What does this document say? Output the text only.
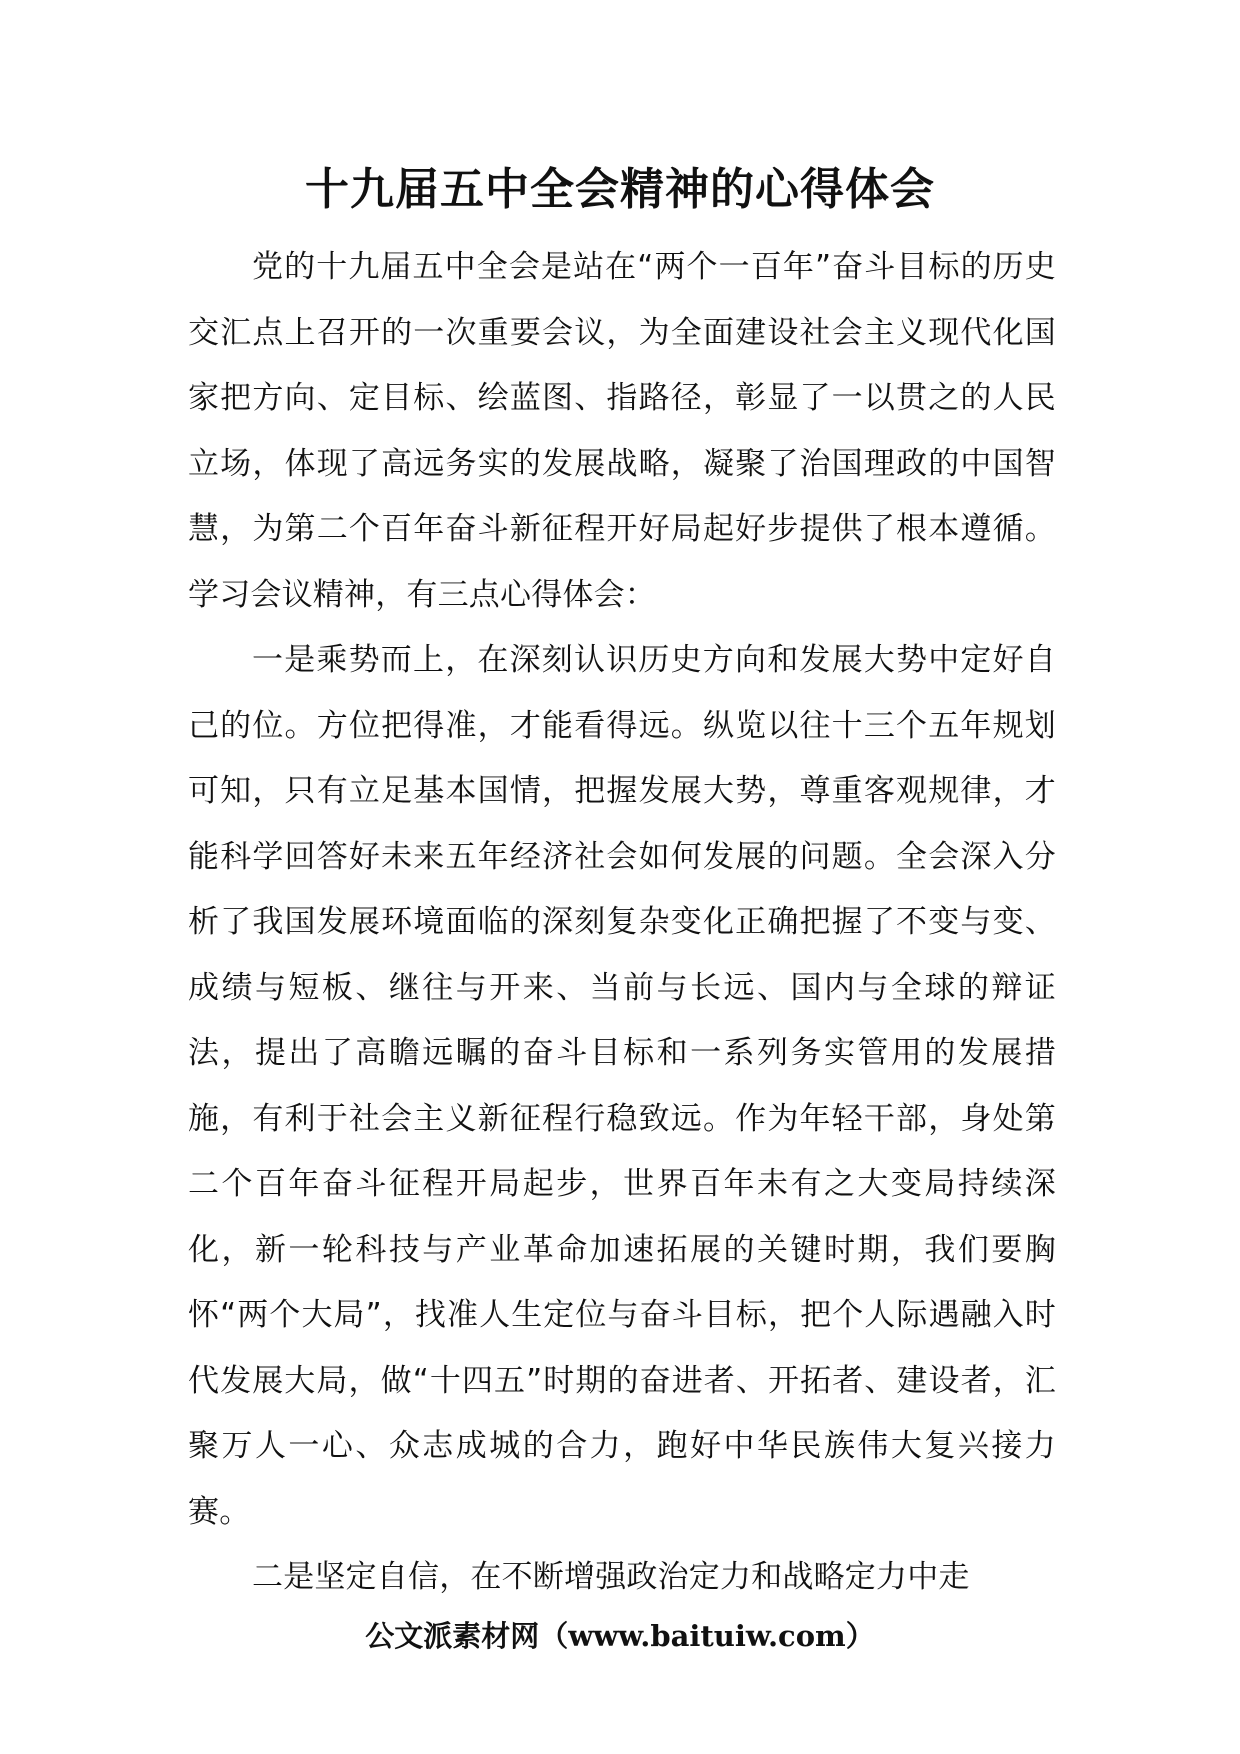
十九届五中全会精神的心得体会

党的十九届五中全会是站在“两个一百年”奋斗目标的历史交汇点上召开的一次重要会议，为全面建设社会主义现代化国家把方向、定目标、绘蓝图、指路径，彰显了一以贯之的人民立场，体现了高远务实的发展战略，凝聚了治国理政的中国智慧，为第二个百年奋斗新征程开好局起好步提供了根本遵循。学习会议精神，有三点心得体会：

一是乘势而上，在深刻认识历史方向和发展大势中定好自己的位。方位把得准，才能看得远。纵览以往十三个五年规划可知，只有立足基本国情，把握发展大势，尊重客观规律，才能科学回答好未来五年经济社会如何发展的问题。全会深入分析了我国发展环境面临的深刻复杂变化正确把握了不变与变、成绩与短板、继往与开来、当前与长远、国内与全球的辩证法，提出了高瞻远瞩的奋斗目标和一系列务实管用的发展措施，有利于社会主义新征程行稳致远。作为年轻干部，身处第二个百年奋斗征程开局起步，世界百年未有之大变局持续深化，新一轮科技与产业革命加速拓展的关键时期，我们要胸怀“两个大局”，找准人生定位与奋斗目标，把个人际遇融入时代发展大局，做“十四五”时期的奋进者、开拓者、建设者，汇聚万人一心、众志成城的合力，跑好中华民族伟大复兴接力赛。

二是坚定自信，在不断增强政治定力和战略定力中走

公文派素材网（www.baituiw.com）
